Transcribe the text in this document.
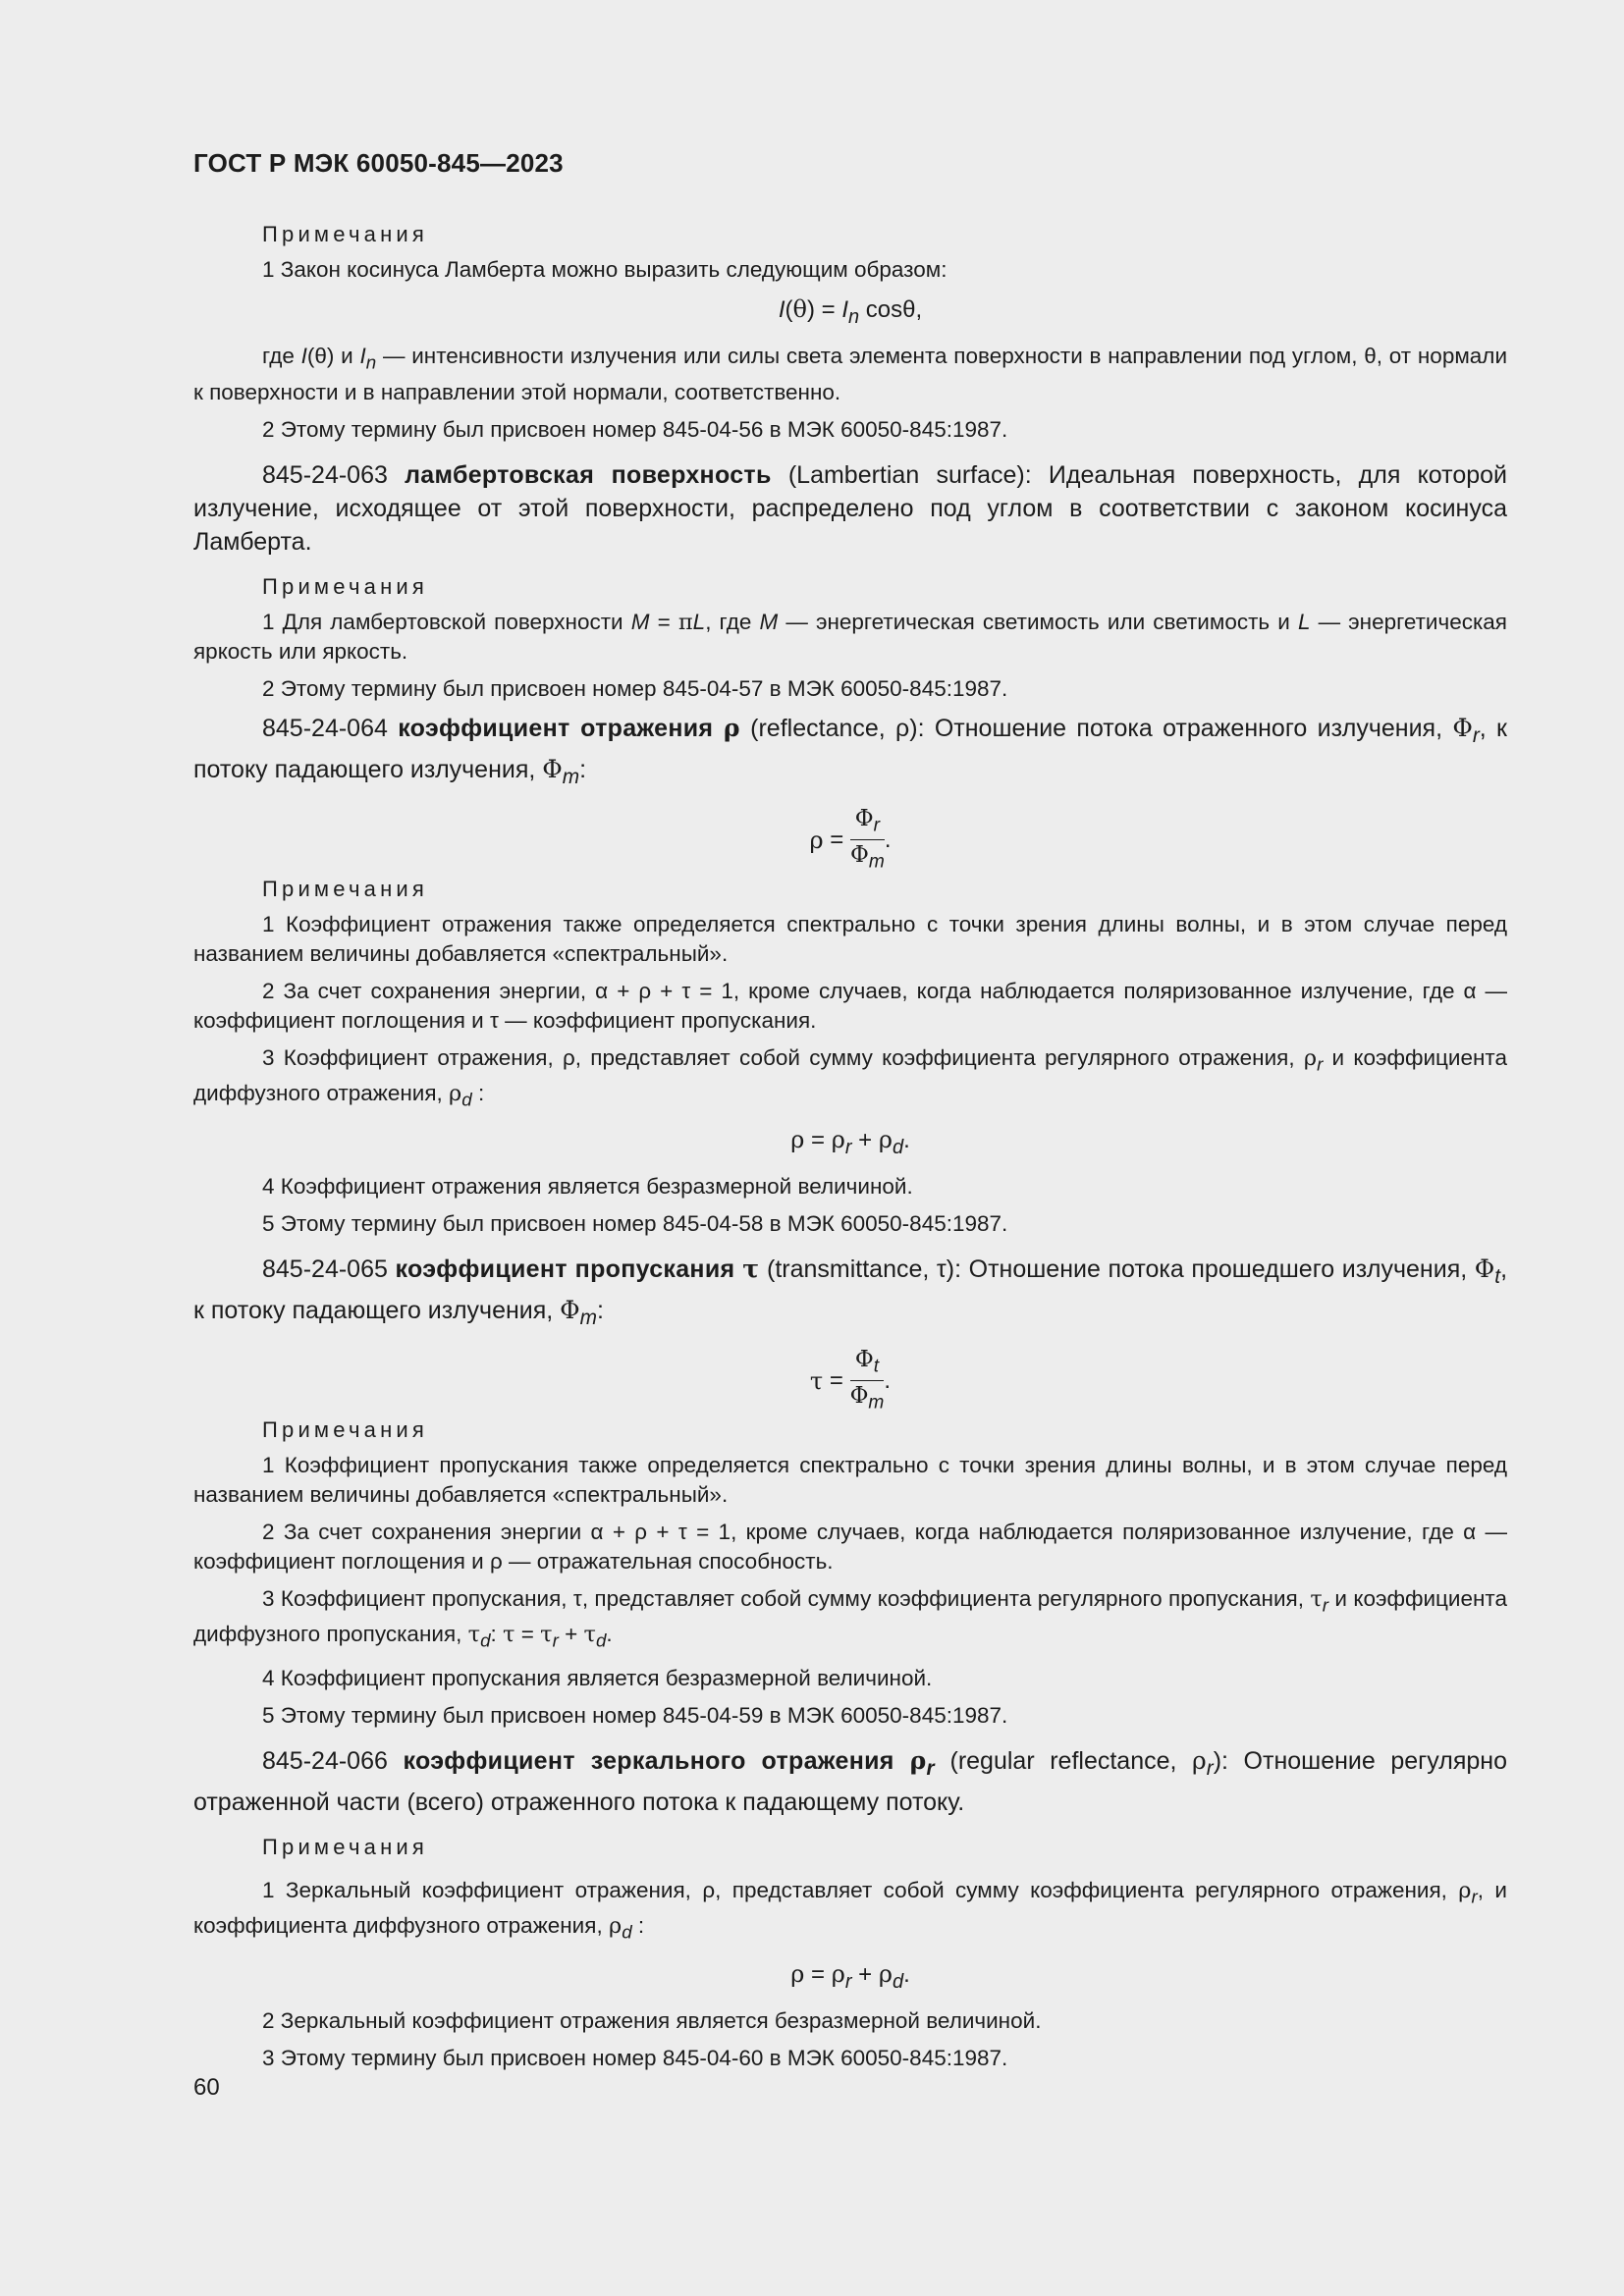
ГОСТ Р МЭК 60050-845—2023
Примечания

1 Закон косинуса Ламберта можно выразить следующим образом:

$I(\theta) = I_n$ cosθ,

где I(θ) и $I_n$ — интенсивности излучения или силы света элемента поверхности в направлении под углом, θ, от нормали к поверхности и в направлении этой нормали, соответственно.

2 Этому термину был присвоен номер 845-04-56 в МЭК 60050-845:1987.

845-24-063 ламбертовская поверхность (Lambertian surface): Идеальная поверхность, для которой излучение, исходящее от этой поверхности, распределено под углом в соответствии с законом косинуса Ламберта.

Примечания

1 Для ламбертовской поверхности M = πL, где M — энергетическая светимость или светимость и L — энергетическая яркость или яркость.

2 Этому термину был присвоен номер 845-04-57 в МЭК 60050-845:1987.

845-24-064 коэффициент отражения ρ (reflectance, ρ): Отношение потока отраженного излучения, $\Phi_r$, к потоку падающего излучения, $\Phi_m$:

$\rho = \frac{\Phi_r}{\Phi_m}$ .
Примечания

1 Коэффициент отражения также определяется спектрально с точки зрения длины волны, и в этом случае перед названием величины добавляется «спектральный».

2 За счет сохранения энергии, α + ρ + τ = 1, кроме случаев, когда наблюдается поляризованное излучение, где α — коэффициент поглощения и τ — коэффициент пропускания.

3 Коэффициент отражения, ρ, представляет собой сумму коэффициента регулярного отражения, $\rho_r$ и коэффициента диффузного отражения, $\rho_d$ :

$\rho = \rho_r + \rho_d$.

4 Коэффициент отражения является безразмерной величиной.

5 Этому термину был присвоен номер 845-04-58 в МЭК 60050-845:1987.

845-24-065 коэффициент пропускания τ (transmittance, τ): Отношение потока прошедшего излучения, $\Phi_t$, к потоку падающего излучения, $\Phi_m$:

$\tau = \frac{\Phi_t}{\Phi_m}$ .
Примечания

1 Коэффициент пропускания также определяется спектрально с точки зрения длины волны, и в этом случае перед названием величины добавляется «спектральный».

2 За счет сохранения энергии α + ρ + τ = 1, кроме случаев, когда наблюдается поляризованное излучение, где α — коэффициент поглощения и ρ — отражательная способность.

3 Коэффициент пропускания, τ, представляет собой сумму коэффициента регулярного пропускания, $\tau_r$ и коэффициента диффузного пропускания, $\tau_d$: $\tau = \tau_r + \tau_d$.

4 Коэффициент пропускания является безразмерной величиной.

5 Этому термину был присвоен номер 845-04-59 в МЭК 60050-845:1987.

845-24-066 коэффициент зеркального отражения $\rho_r$ (regular reflectance, $\rho_r$): Отношение регулярно отраженной части (всего) отраженного потока к падающему потоку.

Примечания

1 Зеркальный коэффициент отражения, ρ, представляет собой сумму коэффициента регулярного отражения, $\rho_r$, и коэффициента диффузного отражения, $\rho_d$ :

$\rho = \rho_r + \rho_d$.

2 Зеркальный коэффициент отражения является безразмерной величиной.

3 Этому термину был присвоен номер 845-04-60 в МЭК 60050-845:1987.

60
